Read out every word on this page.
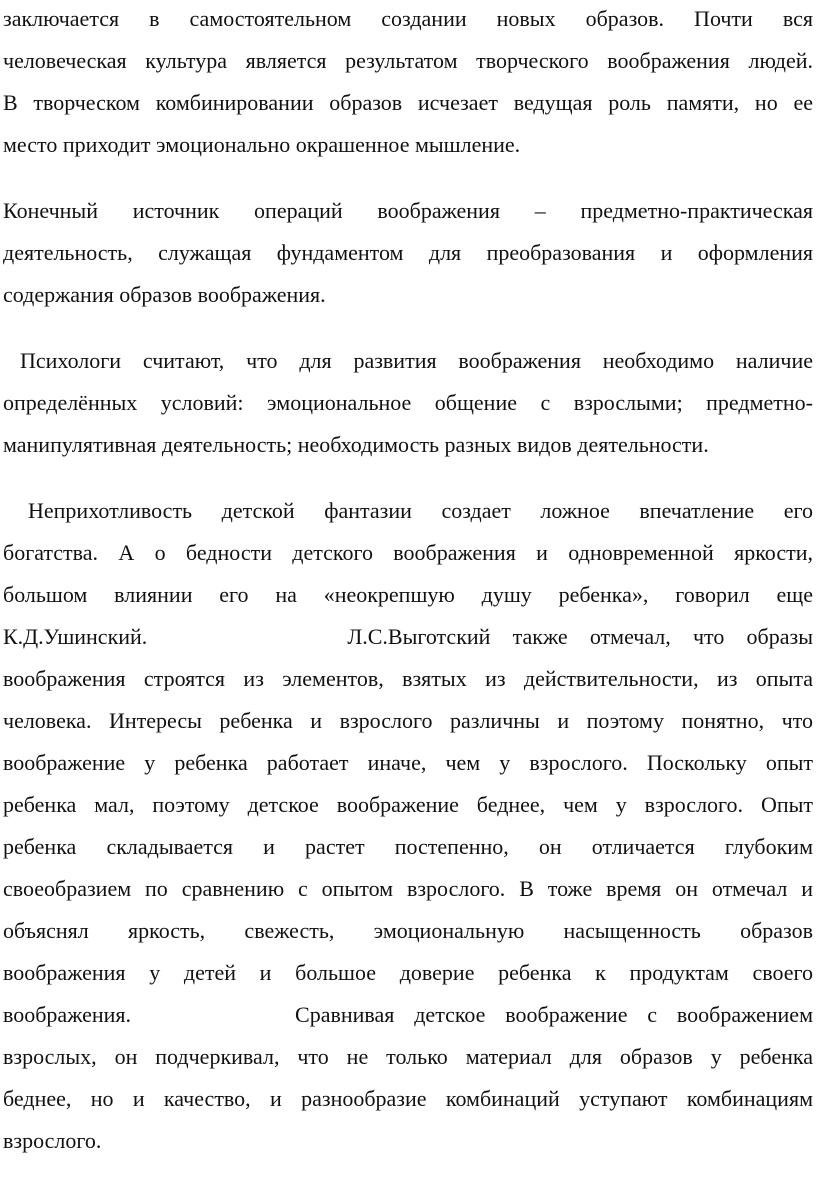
заключается в самостоятельном создании новых образов. Почти вся
человеческая культура является результатом творческого воображения людей.
В творческом комбинировании образов исчезает ведущая роль памяти, но ее
место приходит эмоционально окрашенное мышление.
Конечный источник операций воображения – предметно-практическая
деятельность, служащая фундаментом для преобразования и оформления
содержания образов воображения.
Психологи считают, что для развития воображения необходимо наличие
определённых условий: эмоциональное общение с взрослыми; предметно-
манипулятивная деятельность; необходимость разных видов деятельности.
Неприхотливость детской фантазии создает ложное впечатление его
богатства. А о бедности детского воображения и одновременной яркости,
большом влиянии его на «неокрепшую душу ребенка», говорил еще
К.Д.Ушинский.	Л.С.Выготский также отмечал, что образы
воображения строятся из элементов, взятых из действительности, из опыта
человека. Интересы ребенка и взрослого различны и поэтому понятно, что
воображение у ребенка работает иначе, чем у взрослого. Поскольку опыт
ребенка мал, поэтому детское воображение беднее, чем у взрослого. Опыт
ребенка складывается и растет постепенно, он отличается глубоким
своеобразием по сравнению с опытом взрослого. В тоже время он отмечал и
объяснял яркость, свежесть, эмоциональную насыщенность образов
воображения у детей и большое доверие ребенка к продуктам своего
воображения.	Сравнивая детское воображение с воображением
взрослых, он подчеркивал, что не только материал для образов у ребенка
беднее, но и качество, и разнообразие комбинаций уступают комбинациям
взрослого.
